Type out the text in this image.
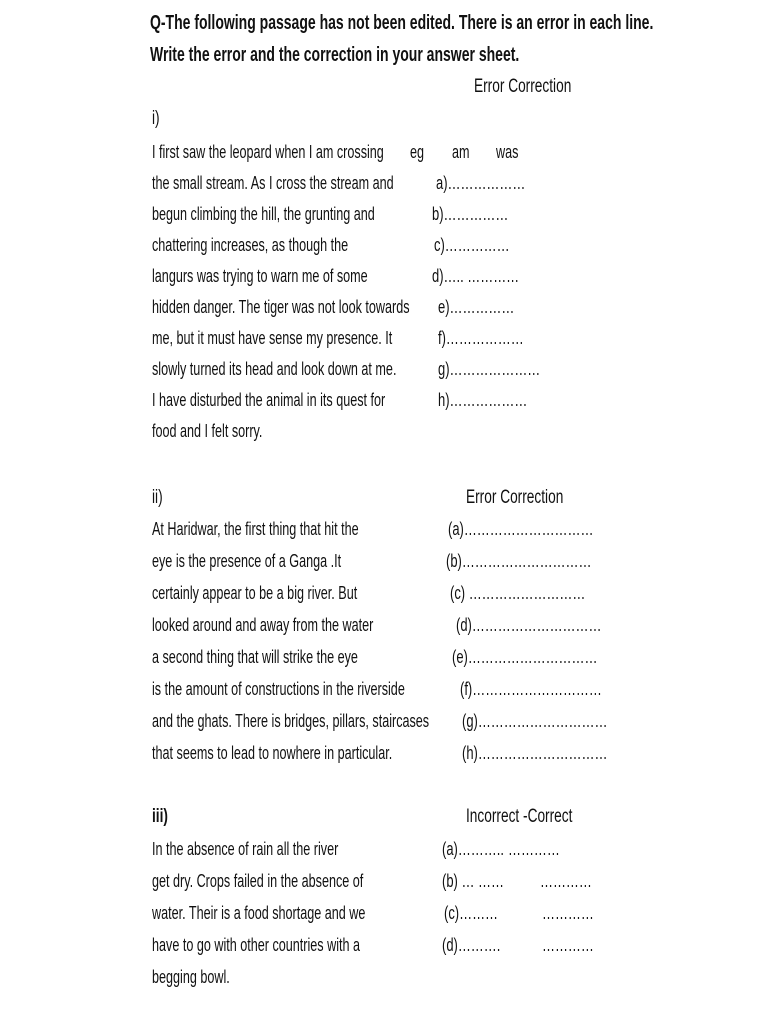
Q-The following passage has not been edited. There is an error in each line.
Write the error and the correction in your answer sheet.
Error Correction
i)
I first saw the leopard when I am crossing eg am was
the small stream. As I cross the stream and
begun climbing the hill, the grunting and
chattering increases, as though the
langurs was trying to warn me of some
hidden danger. The tiger was not look towards
me, but it must have sense my presence. It
slowly turned its head and look down at me.
I have disturbed the animal in its quest for
food and I felt sorry.
a)………………
b)……………
c)……………
d)….. …………
e)……………
f)………………
g)…………………
h)………………
ii)	Error Correction
At Haridwar, the first thing that hit the
eye is the presence of a Ganga .It
certainly appear to be a big river. But
looked around and away from the water
a second thing that will strike the eye
is the amount of constructions in the riverside
and the ghats. There is bridges, pillars, staircases
that seems to lead to nowhere in particular.
(a)…………………………
(b)…………………………
(c) ………………………
(d)…………………………
(e)…………………………
(f)…………………………
(g)…………………………
(h)…………………………
iii)	Incorrect -Correct
In the absence of rain all the river
get dry. Crops failed in the absence of
water. Their is a food shortage and we
have to go with other countries with a
begging bowl.
(a)……….. …………
(b) … …… …………
(c)……… …………
(d)………. …………
